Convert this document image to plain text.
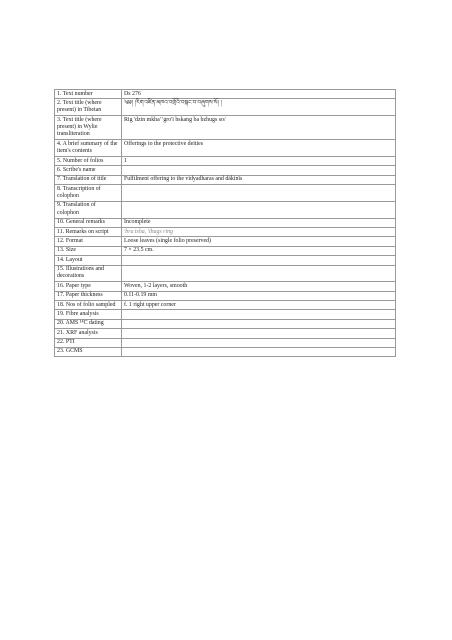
1. Text number	Ds 276
2. Text title (where present) in Tibetan	༄༅། །རིག་འཛིན་མཁའ་འགྲོའི་བསྐང་བ་བཞུགས་སོ། །
3. Text title (where present) in Wylie transliteration	Rig 'dzin mkha' 'gro'i bskang ba bzhugs so/
4. A brief summary of the item's contents	Offerings to the protective deities
5. Number of folios	1
6. Scribe's name	
7. Translation of title	Fulfilment offering to the vidyadharas and dākinīs
8. Transcription of colophon	
9. Translation of colophon	
10. General remarks	Incomplete
11. Remarks on script	'bru tsha, 'thugs ring
12. Format	Loose leaves (single folio preserved)
13. Size	7 × 23.5 cm.
14. Layout	
15. Illustrations and decorations	
16. Paper type	Woven, 1-2 layers, smooth
17. Paper thickness	0.11-0.19 mm
18. Nos of folio sampled	f. 1 right upper corner
19. Fibre analysis	
20. AMS ¹⁴C dating	
21. XRF analysis	
22. PTI	
23. GCMS	
